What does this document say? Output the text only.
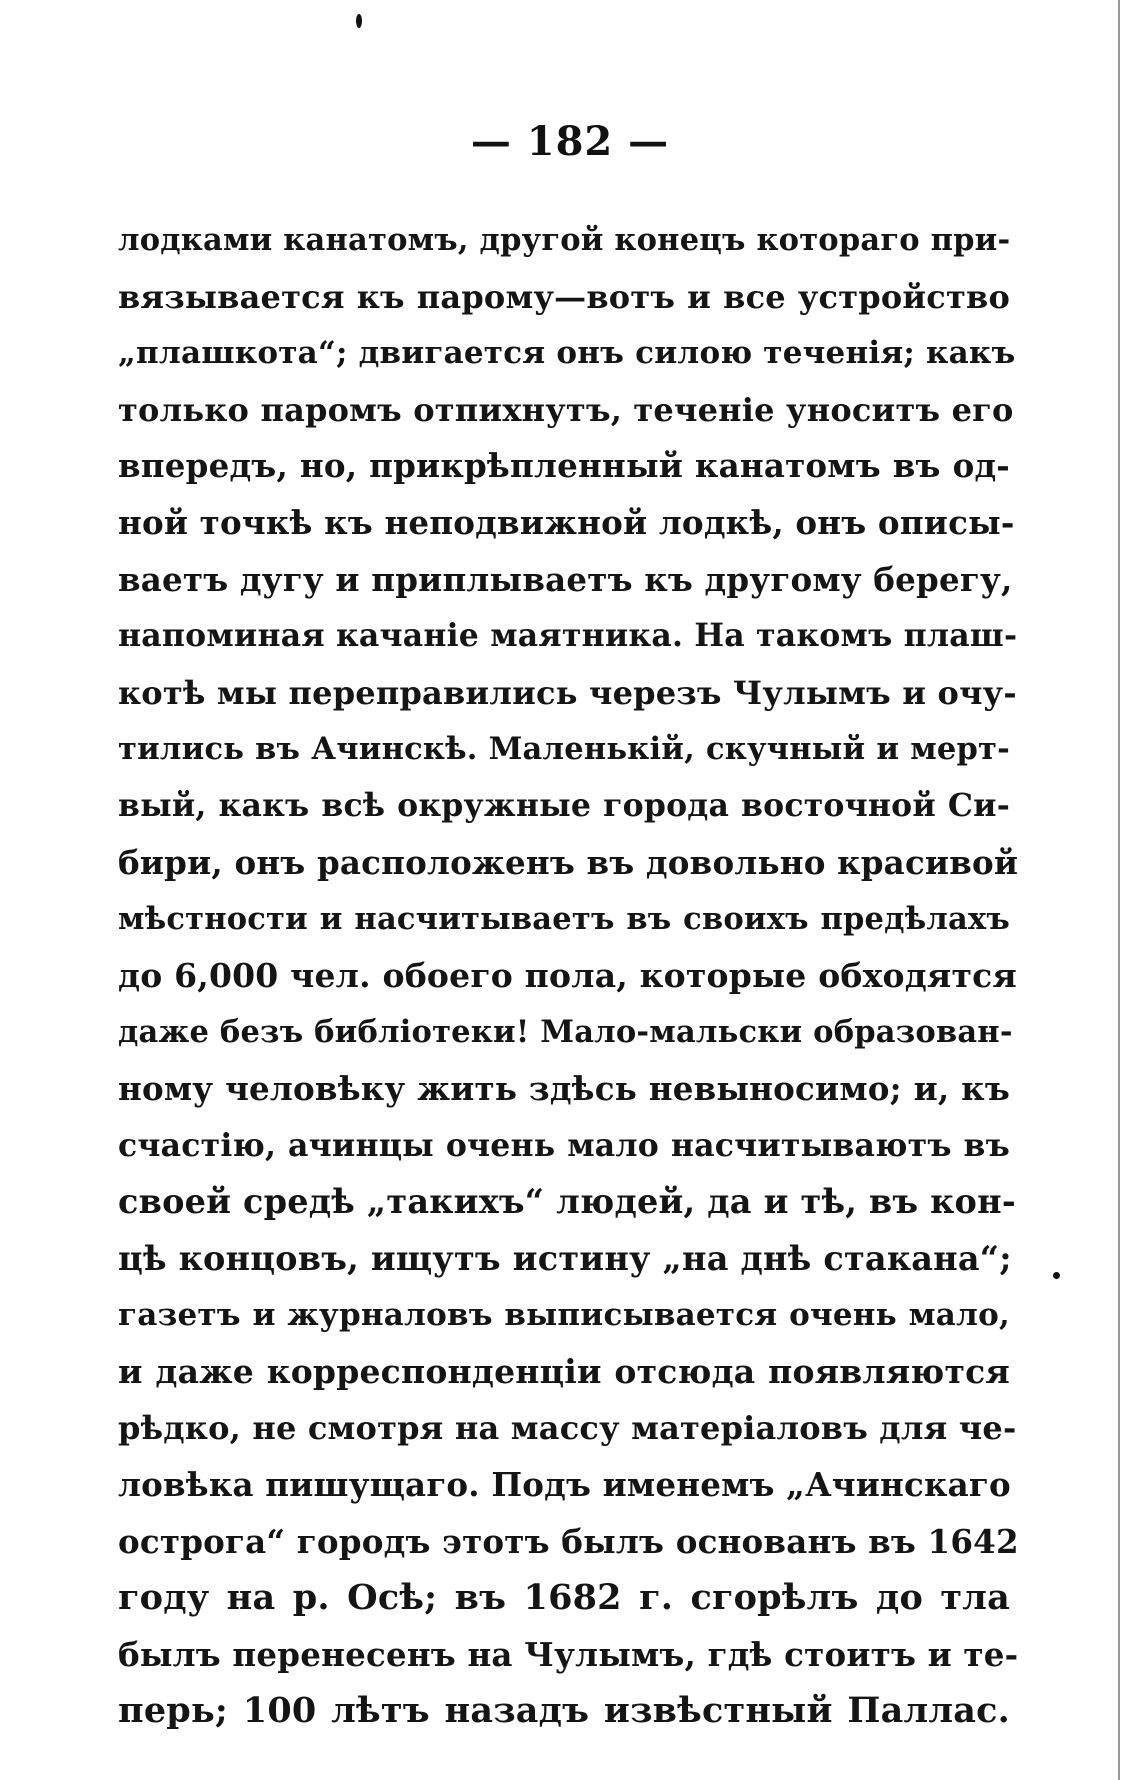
— 182 —
лодками канатомъ, другой конецъ котораго при-
вязывается къ парому—вотъ и все устройство
„плашкота“; двигается онъ силою теченія; какъ
только паромъ отпихнутъ, теченіе уноситъ его
впередъ, но, прикрѣпленный канатомъ въ од-
ной точкѣ къ неподвижной лодкѣ, онъ описы-
ваетъ дугу и приплываетъ къ другому берегу,
напоминая качаніе маятника. На такомъ плаш-
котѣ мы переправились черезъ Чулымъ и очу-
тились въ Ачинскѣ. Маленькій, скучный и мерт-
вый, какъ всѣ окружные города восточной Си-
бири, онъ расположенъ въ довольно красивой
мѣстности и насчитываетъ въ своихъ предѣлахъ
до 6,000 чел. обоего пола, которые обходятся
даже безъ библіотеки! Мало-мальски образован-
ному человѣку жить здѣсь невыносимо; и, къ
счастію, ачинцы очень мало насчитываютъ въ
своей средѣ „такихъ“ людей, да и тѣ, въ кон-
цѣ концовъ, ищутъ истину „на днѣ стакана“;
газетъ и журналовъ выписывается очень мало,
и даже корреспонденціи отсюда появляются
рѣдко, не смотря на массу матеріаловъ для че-
ловѣка пишущаго. Подъ именемъ „Ачинскаго
острога“ городъ этотъ былъ основанъ въ 1642
году на р. Осѣ; въ 1682 г. сгорѣлъ до тла
былъ перенесенъ на Чулымъ, гдѣ стоитъ и те-
перь; 100 лѣтъ назадъ извѣстный Паллас.
